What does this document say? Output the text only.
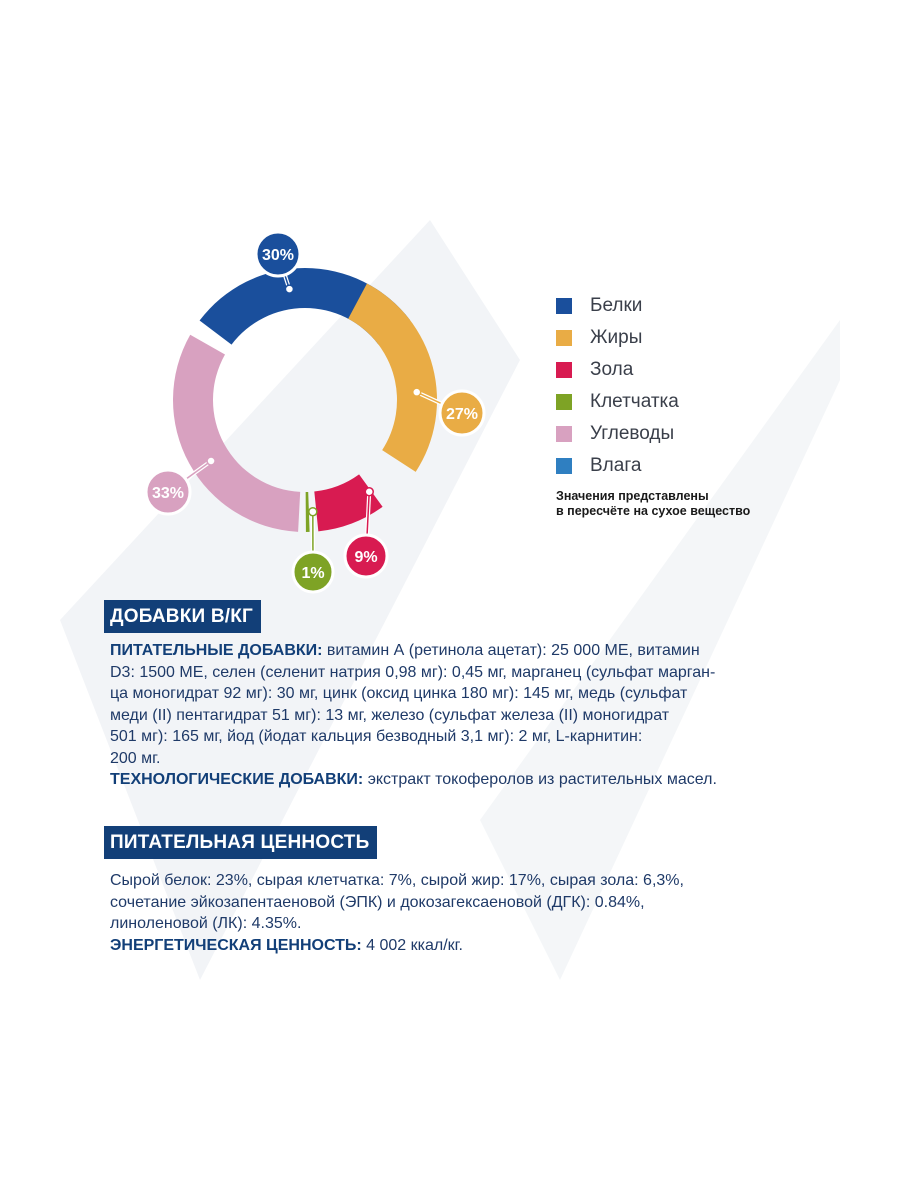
30%
27%
9%
1%
33%
Белки
Жиры
Зола
Клетчатка
Углеводы
Влага
Значения представлены
в пересчёте на сухое вещество
ДОБАВКИ В/КГ
ПИТАТЕЛЬНЫЕ ДОБАВКИ: витамин А (ретинола ацетат): 25 000 МЕ, витамин
D3: 1500 МЕ, селен (селенит натрия 0,98 мг): 0,45 мг, марганец (сульфат марган-
ца моногидрат 92 мг): 30 мг, цинк (оксид цинка 180 мг): 145 мг, медь (сульфат
меди (II) пентагидрат 51 мг): 13 мг, железо (сульфат железа (II) моногидрат
501 мг): 165 мг, йод (йодат кальция безводный 3,1 мг): 2 мг, L-карнитин:
200 мг.
ТЕХНОЛОГИЧЕСКИЕ ДОБАВКИ: экстракт токоферолов из растительных масел.
ПИТАТЕЛЬНАЯ ЦЕННОСТЬ
Сырой белок: 23%, сырая клетчатка: 7%, сырой жир: 17%, сырая зола: 6,3%,
сочетание эйкозапентаеновой (ЭПК) и докозагексаеновой (ДГК): 0.84%,
линоленовой (ЛК): 4.35%.
ЭНЕРГЕТИЧЕСКАЯ ЦЕННОСТЬ: 4 002 ккал/кг.
